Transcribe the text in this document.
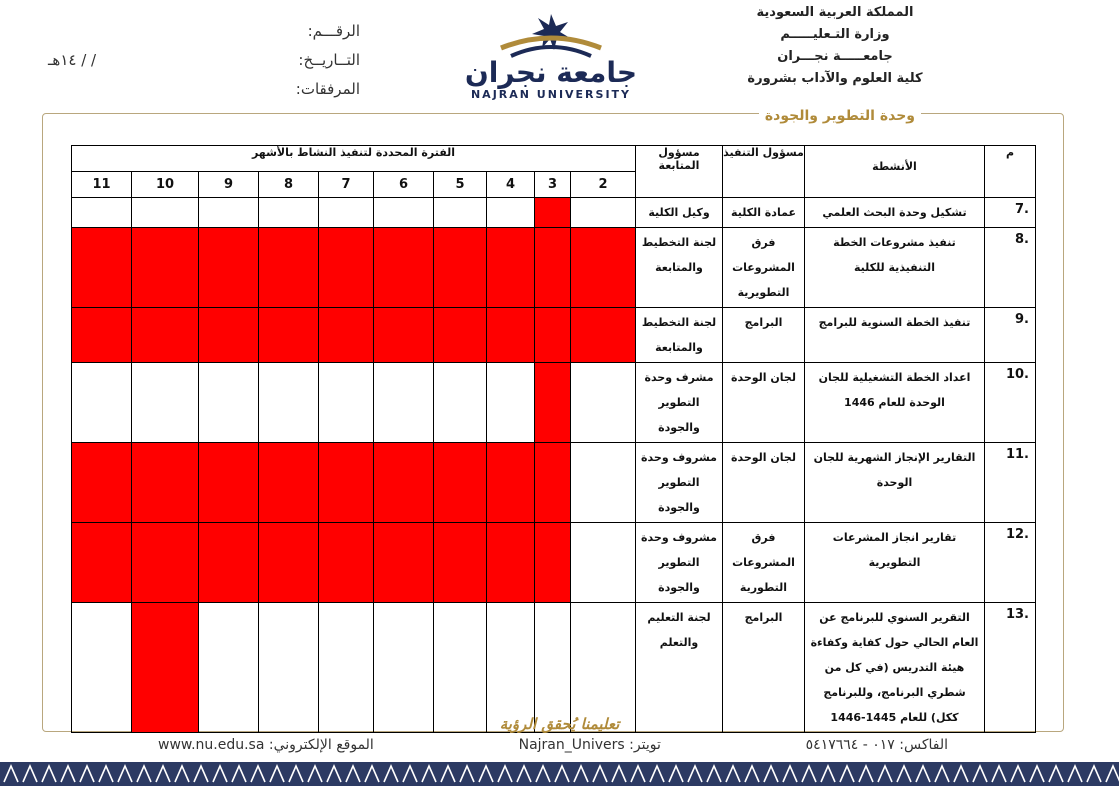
المملكة العربية السعودية
وزارة التـعليـــــم
جامعـــــة نجـــران
كلية العلوم والآداب بشرورة
الرقـــم:
التــاريــخ:
/ / ١٤هـ
المرفقات:	جامعة نجران
NAJRAN UNIVERSITY
وحدة التطوير والجودة
الفترة المحددة لتنفيذ النشاط بالأشهر										مسؤول المتابعة	مسؤول التنفيذ	الأنشطة	م
11	10	9	8	7	6	5	4	3	2				

										وكيل الكلية	عمادة الكلية	تشكيل وحدة البحث العلمي	7.

										لجنة التخطيط والمتابعة	فرق المشروعات التطويرية	تنفيذ مشروعات الخطة التنفيذية للكلية	8.

										لجنة التخطيط والمتابعة	البرامج	تنفيذ الخطة السنوية للبرامج	9.

										مشرف وحدة التطوير والجودة	لجان الوحدة	اعداد الخطة التشغيلية للجان الوحدة للعام 1446	10.

										مشروف وحدة التطوير والجودة	لجان الوحدة	التقارير الإنجاز الشهرية للجان الوحدة	11.

										مشروف وحدة التطوير والجودة	فرق المشروعات التطورية	تقارير انجاز المشرعات التطويرية	12.

										لجنة التعليم والتعلم	البرامج	التقرير السنوي للبرنامج عن العام الحالي حول كفاية وكفاءة هيئة التدريس (في كل من شطري البرنامج، وللبرنامج ككل) للعام 1445-1446	13.
تعليمنا يُحقق الرؤية
الفاكس: ٠١٧ - ٥٤١٧٦٦٤
تويتر: Najran_Univers
الموقع الإلكتروني: www.nu.edu.sa
